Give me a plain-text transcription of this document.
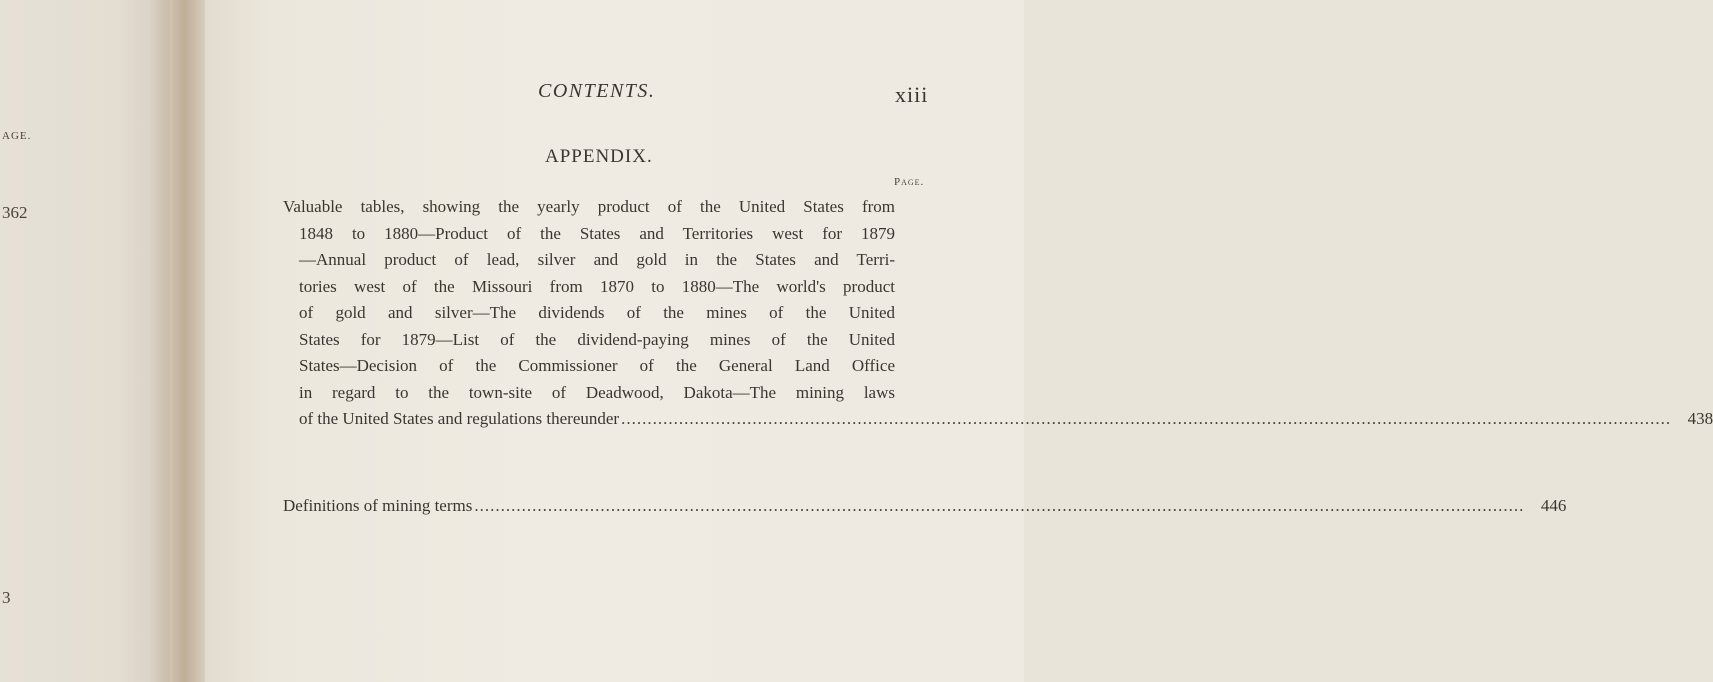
AGE.
362
3
CONTENTS.	xiii
APPENDIX.
Page.
Valuable tables, showing the yearly product of the United States from
1848 to 1880—Product of the States and Territories west for 1879
—Annual product of lead, silver and gold in the States and Terri-
tories west of the Missouri from 1870 to 1880—The world's product
of gold and silver—The dividends of the mines of the United
States for 1879—List of the dividend-paying mines of the United
States—Decision of the Commissioner of the General Land Office
in regard to the town-site of Deadwood, Dakota—The mining laws
of the United States and regulations thereunder ........................................................................................................................................................................................................ 438
Definitions of mining terms ........................................................................................................................................................................................................ 446
